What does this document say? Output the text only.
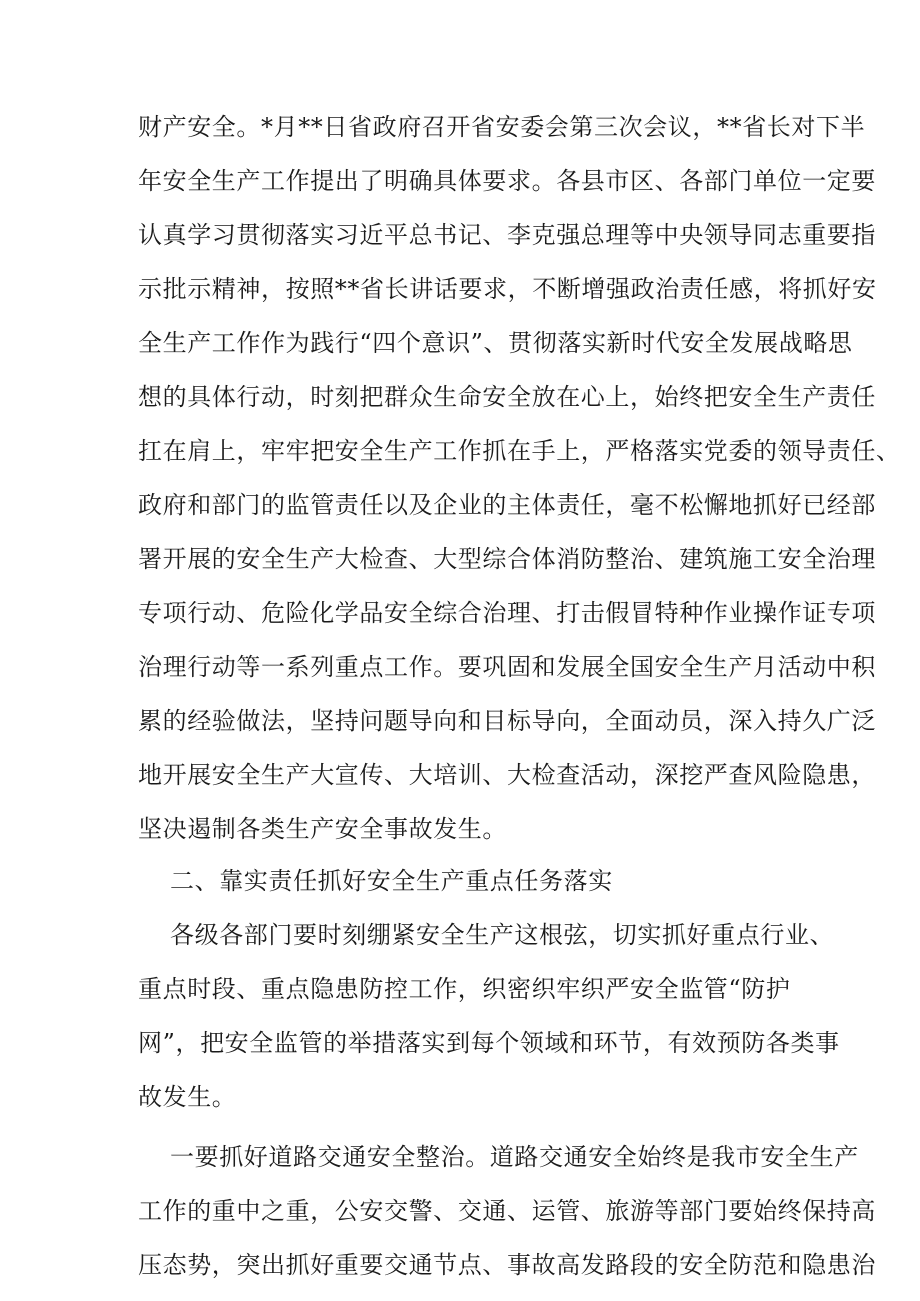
财产安全。*月**日省政府召开省安委会第三次会议，**省长对下半
年安全生产工作提出了明确具体要求。各县市区、各部门单位一定要
认真学习贯彻落实习近平总书记、李克强总理等中央领导同志重要指
示批示精神，按照**省长讲话要求，不断增强政治责任感，将抓好安
全生产工作作为践行“四个意识”、贯彻落实新时代安全发展战略思
想的具体行动，时刻把群众生命安全放在心上，始终把安全生产责任
扛在肩上，牢牢把安全生产工作抓在手上，严格落实党委的领导责任、
政府和部门的监管责任以及企业的主体责任，毫不松懈地抓好已经部
署开展的安全生产大检查、大型综合体消防整治、建筑施工安全治理
专项行动、危险化学品安全综合治理、打击假冒特种作业操作证专项
治理行动等一系列重点工作。要巩固和发展全国安全生产月活动中积
累的经验做法，坚持问题导向和目标导向，全面动员，深入持久广泛
地开展安全生产大宣传、大培训、大检查活动，深挖严查风险隐患，
坚决遏制各类生产安全事故发生。
二、靠实责任抓好安全生产重点任务落实
各级各部门要时刻绷紧安全生产这根弦，切实抓好重点行业、
重点时段、重点隐患防控工作，织密织牢织严安全监管“防护
网”，把安全监管的举措落实到每个领域和环节，有效预防各类事
故发生。
一要抓好道路交通安全整治。道路交通安全始终是我市安全生产
工作的重中之重，公安交警、交通、运管、旅游等部门要始终保持高
压态势，突出抓好重要交通节点、事故高发路段的安全防范和隐患治
